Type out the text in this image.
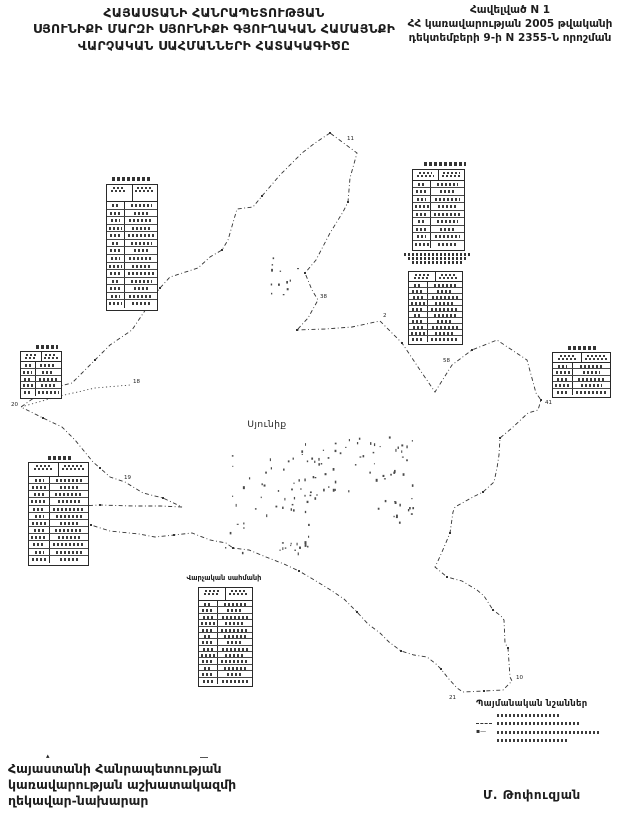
ՀԱՅԱՍՏԱՆԻ ՀԱՆՐԱՊԵՏՈՒԹՅԱՆ
ՍՅՈՒՆԻՔԻ ՄԱՐԶԻ ՍՅՈՒՆԻՔԻ ԳՅՈՒՂԱԿԱՆ ՀԱՄԱՅՆՔԻ
ՎԱՐՉԱԿԱՆ ՍԱՀՄԱՆՆԵՐԻ ՀԱՏԱԿԱԳԻԾԸ
Հավելված N 1
ՀՀ կառավարության 2005 թվականի
դեկտեմբերի 9-ի N 2355-Ն որոշման
11
20
18
19
2
38
58
41
10
21
Սյունիք
Վարչական սահմանի
Պայմանական նշաններ
▪—
▴
Հայաստանի Հանրապետության
կառավարության աշխատակազմի
ղեկավար-նախարար	Մ. Թոփուզյան
